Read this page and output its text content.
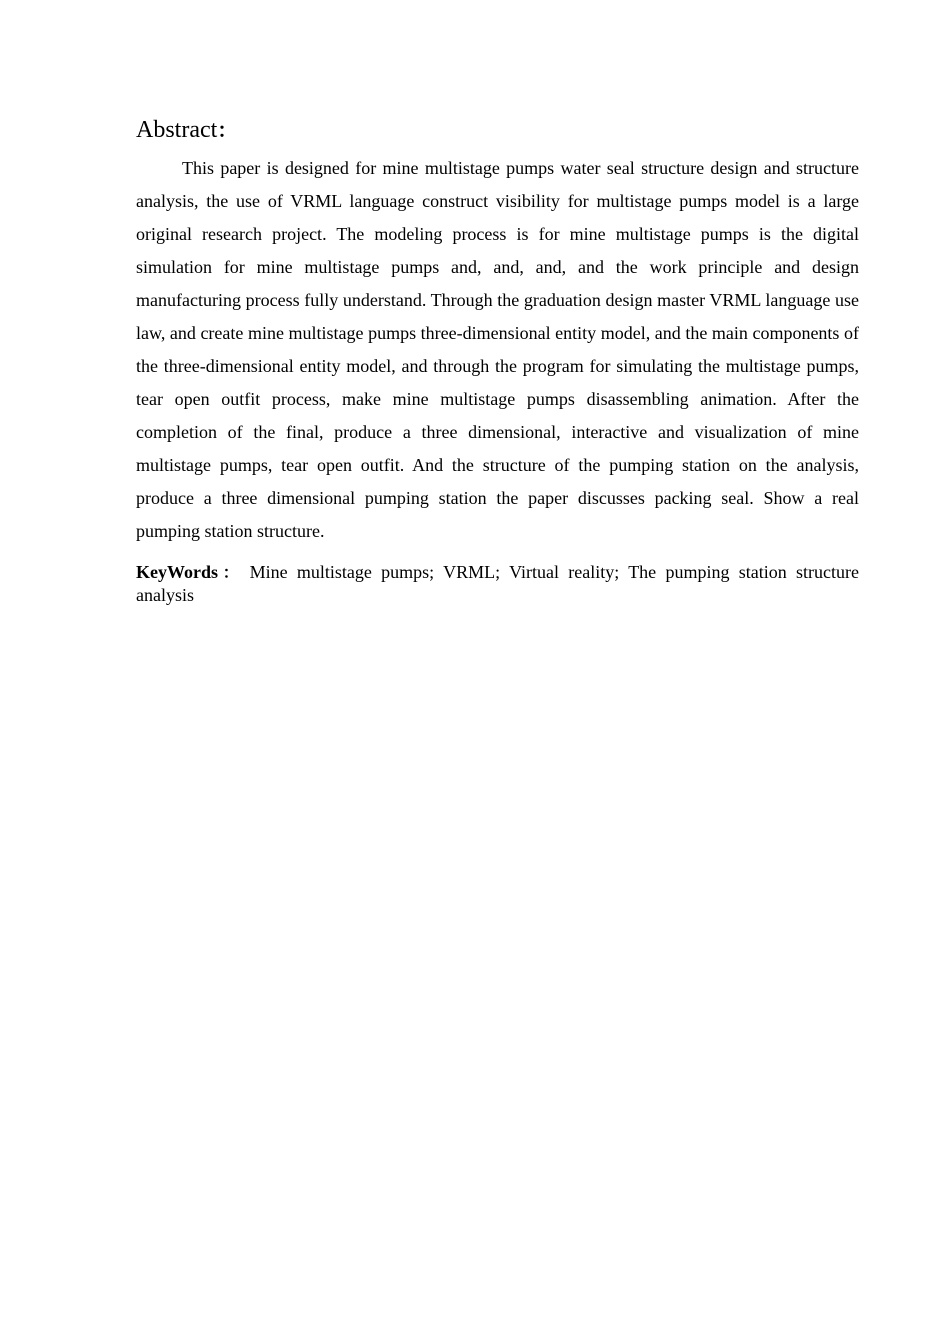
Abstract：

This paper is designed for mine multistage pumps water seal structure design and structure analysis, the use of VRML language construct visibility for multistage pumps model is a large original research project. The modeling process is for mine multistage pumps is the digital simulation for mine multistage pumps and, and, and, and the work principle and design manufacturing process fully understand. Through the graduation design master VRML language use law, and create mine multistage pumps three-dimensional entity model, and the main components of the three-dimensional entity model, and through the program for simulating the multistage pumps, tear open outfit process, make mine multistage pumps disassembling animation. After the completion of the final, produce a three dimensional, interactive and visualization of mine multistage pumps, tear open outfit. And the structure of the pumping station on the analysis, produce a three dimensional pumping station the paper discusses packing seal. Show a real pumping station structure.

KeyWords： Mine multistage pumps; VRML; Virtual reality; The pumping station structure analysis
